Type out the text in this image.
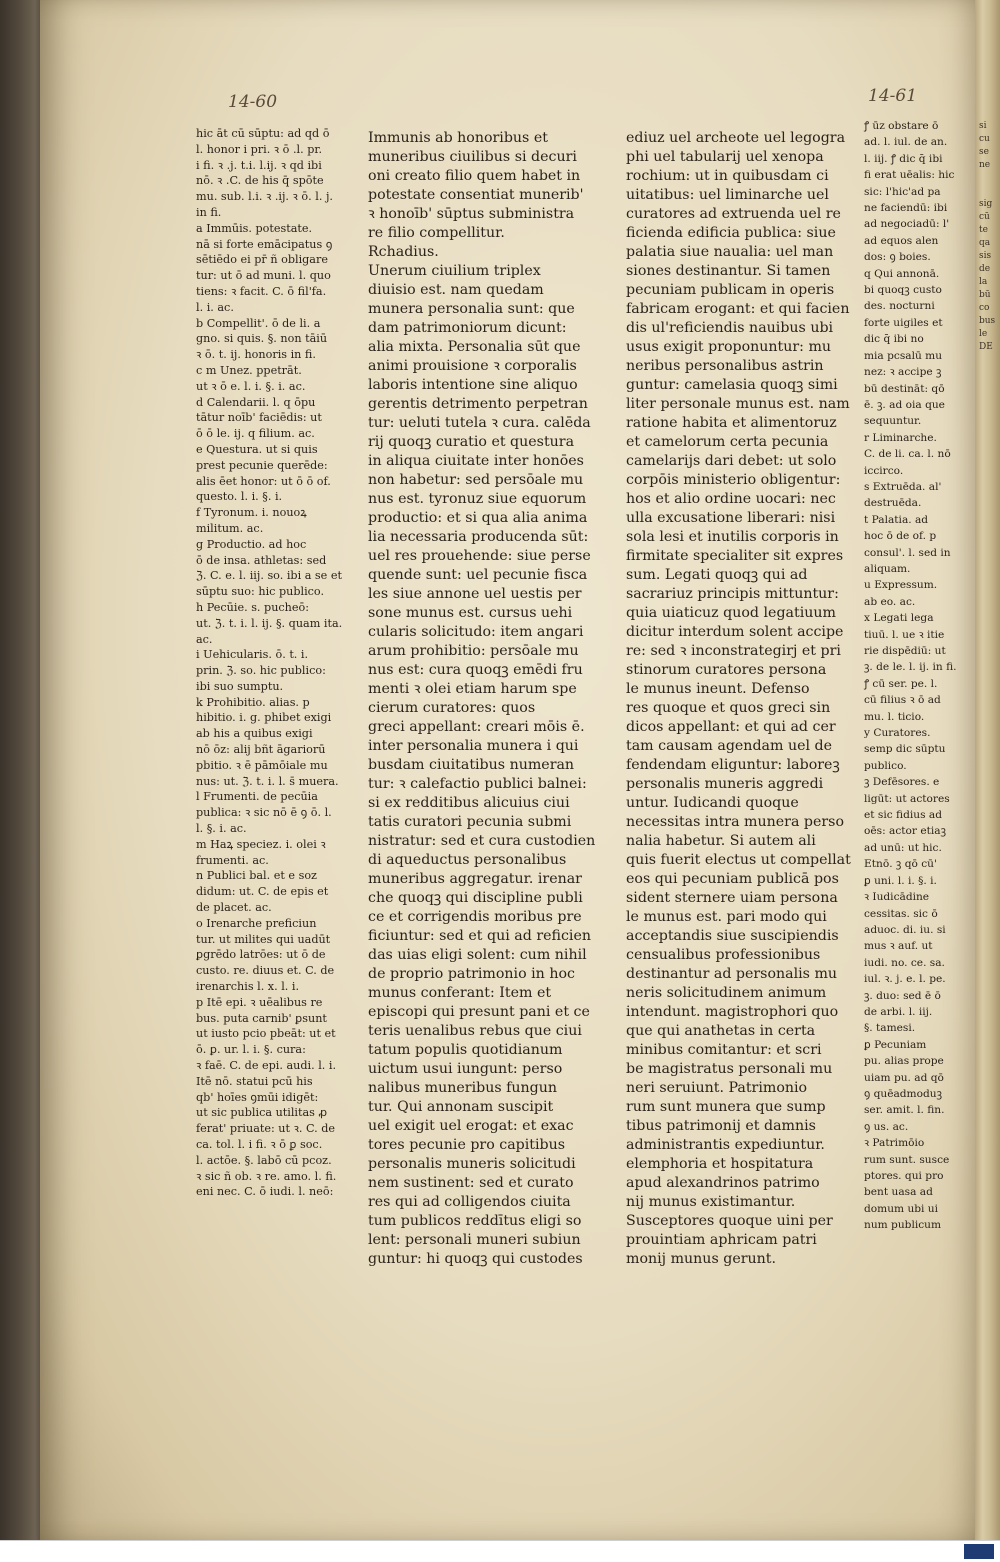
14-60	14-61
hic āt cū sūptu: ad qd ō
l. honor i pri. ꝛ ō .l. pr.
i fi. ꝛ .j. t.i. l.ij. ꝛ qd ibi
nō. ꝛ .C. de his q̄ spōte
mu. sub. l.i. ꝛ .ij. ꝛ ō. l. j.
in fi.
a Immūis. potestate.
nā si forte emācipatus ꝯ
sētiēdo ei pr̄ ñ obligare
tur: ut ō ad muni. l. quo
tiens: ꝛ facit. C. ō fil'fa.
l. i. ac.
b Compellit'. ō de li. a
gno. si quis. §. non tāiū
ꝛ ō. t. ij. honoris in fi.
c m Unez. ppetrāt.
ut ꝛ ō e. l. i. §. i. ac.
d Calendarii. l. q ōpu
tātur noīb' faciēdis: ut
ō ō le. ij. q filium. ac.
e Questura. ut si quis
prest pecunie querēde:
alis ēet honor: ut ō ō of.
questo. l. i. §. i.
f Tyronum. i. nouoꝝ
militum. ac.
g Productio. ad hoc
ō de insa. athletas: sed
ℨ. C. e. l. iij. so. ibi a se et
sūptu suo: hic publico.
h Pecūie. s. pucheō:
ut. ℨ. t. i. l. ij. §. quam ita.
ac.
i Uehicularis. ō. t. i.
prin. ℨ. so. hic publico:
ibi suo sumptu.
k Prohibitio. alias. p
hibitio. i. g. phibet exigi
ab his a quibus exigi
nō ōz: alij bñt āgariorū
pbitio. ꝛ ē pāmōiale mu
nus: ut. ℨ. t. i. l. s̄ muera.
l Frumenti. de pecūia
publica: ꝛ sic nō ē ꝯ ō. l.
l. §. i. ac.
m Haꝝ speciez. i. olei ꝛ
frumenti. ac.
n Publici bal. et e soz
didum: ut. C. de epis et
de placet. ac.
o Irenarche preficiun
tur. ut milites qui uadūt
ꝑgrēdo latrōes: ut ō de
custo. re. diuus et. C. de
irenarchis l. x. l. i.
p Itē epi. ꝛ uēalibus re
bus. puta carnib' ꝑsunt
ut iusto pcio pbeāt: ut et
ō. ꝑ. ur. l. i. §. cura:
ꝛ faē. C. de epi. audi. l. i.
Itē nō. statui pcū his
qb' hoīes ꝯmūi idigēt:
ut sic publica utilitas ꝓ
ferat' priuate: ut ꝛ. C. de
ca. tol. l. i fi. ꝛ ō ꝑ soc.
l. actōe. §. labō cū pcoz.
ꝛ sic ñ ob. ꝛ re. amo. l. fi.
eni nec. C. ō iudi. l. neō:
Immunis ab honoribus et
muneribus ciuilibus si decuri
oni creato filio quem habet in
potestate consentiat munerib'
ꝛ honoīb' sūptus subministra
re filio compellitur.
Rchadius.
Unerum ciuilium triplex
diuisio est. nam quedam
munera personalia sunt: que
dam patrimoniorum dicunt:
alia mixta. Personalia sūt que
animi prouisione ꝛ corporalis
laboris intentione sine aliquo
gerentis detrimento perpetran
tur: ueluti tutela ꝛ cura. calēda
rij quoqꝫ curatio et questura
in aliqua ciuitate inter honōes
non habetur: sed persōale mu
nus est. tyronuz siue equorum
productio: et si qua alia anima
lia necessaria producenda sūt:
uel res prouehende: siue perse
quende sunt: uel pecunie fisca
les siue annone uel uestis per
sone munus est. cursus uehi
cularis solicitudo: item angari
arum prohibitio: persōale mu
nus est: cura quoqꝫ emēdi fru
menti ꝛ olei etiam harum spe
cierum curatores: quos
greci appellant: creari mōis ē.
inter personalia munera i qui
busdam ciuitatibus numeran
tur: ꝛ calefactio publici balnei:
si ex redditibus alicuius ciui
tatis curatori pecunia submi
nistratur: sed et cura custodien
di aqueductus personalibus
muneribus aggregatur. irenar
che quoqꝫ qui discipline publi
ce et corrigendis moribus pre
ficiuntur: sed et qui ad reficien
das uias eligi solent: cum nihil
de proprio patrimonio in hoc
munus conferant: Item et
episcopi qui presunt pani et ce
teris uenalibus rebus que ciui
tatum populis quotidianum
uictum usui iungunt: perso
nalibus muneribus fungun
tur. Qui annonam suscipit
uel exigit uel erogat: et exac
tores pecunie pro capitibus
personalis muneris solicitudi
nem sustinent: sed et curato
res qui ad colligendos ciuita
tum publicos reddītus eligi so
lent: personali muneri subiun
guntur: hi quoqꝫ qui custodes
ediuz uel archeote uel legogra
phi uel tabularij uel xenopa
rochium: ut in quibusdam ci
uitatibus: uel liminarche uel
curatores ad extruenda uel re
ficienda edificia publica: siue
palatia siue naualia: uel man
siones destinantur. Si tamen
pecuniam publicam in operis
fabricam erogant: et qui facien
dis ul'reficiendis nauibus ubi
usus exigit proponuntur: mu
neribus personalibus astrin
guntur: camelasia quoqꝫ simi
liter personale munus est. nam
ratione habita et alimentoruz
et camelorum certa pecunia
camelarijs dari debet: ut solo
corpōis ministerio obligentur:
hos et alio ordine uocari: nec
ulla excusatione liberari: nisi
sola lesi et inutilis corporis in
firmitate specialiter sit expres
sum. Legati quoqꝫ qui ad
sacrariuz principis mittuntur:
quia uiaticuz quod legatiuum
dicitur interdum solent accipe
re: sed ꝛ inconstrategirj et pri
stinorum curatores persona
le munus ineunt. Defenso
res quoque et quos greci sin
dicos appellant: et qui ad cer
tam causam agendam uel de
fendendam eliguntur: laboreꝫ
personalis muneris aggredi
untur. Iudicandi quoque
necessitas intra munera perso
nalia habetur. Si autem ali
quis fuerit electus ut compellat
eos qui pecuniam publicā pos
sident sternere uiam persona
le munus est. pari modo qui
acceptandis siue suscipiendis
censualibus professionibus
destinantur ad personalis mu
neris solicitudinem animum
intendunt. magistrophori quo
que qui anathetas in certa
minibus comitantur: et scri
be magistratus personali mu
neri seruiunt. Patrimonio
rum sunt munera que sump
tibus patrimonij et damnis
administrantis expediuntur.
elemphoria et hospitatura
apud alexandrinos patrimo
nij munus existimantur.
Susceptores quoque uini per
prouintiam aphricam patri
monij munus gerunt.
ꝭ ūz obstare ō
ad. l. iul. de an.
l. iij. ꝭ dic q̄ ibi
fi erat uēalis: hic
sic: l'hic'ad pa
ne faciendū: ibi
ad negociadū: l'
ad equos alen
dos: ꝯ boies.
q Qui annonā.
bi quoqꝫ custo
des. nocturni
forte uigiles et
dic q̄ ibi no
mia pcsalū mu
nez: ꝛ accipe ꝫ
bū destināt: qō
ē. ꝫ. ad oia que
sequuntur.
r Liminarche.
C. de li. ca. l. nō
iccirco.
s Extruēda. al'
destruēda.
t Palatia. ad
hoc ō de of. p
consul'. l. sed in
aliquam.
u Expressum.
ab eo. ac.
x Legati lega
tiuū. l. ue ꝛ itie
rie dispēdiū: ut
ꝫ. de le. l. ij. in fi.
ꝭ cū ser. pe. l.
cū filius ꝛ ō ad
mu. l. ticio.
y Curatores.
semp dic sūptu
publico.
ꝫ Defēsores. e
ligūt: ut actores
et sic fidius ad
oēs: actor etiaꝫ
ad unū: ut hic.
Etnō. ꝫ qō cū'
ꝑ uni. l. i. §. i.
ꝛ Iudicādine
cessitas. sic ō
aduoc. di. iu. si
mus ꝛ auf. ut
iudi. no. ce. sa.
iul. ꝛ. j. e. l. pe.
ꝫ. duo: sed ē ō
de arbi. l. iij.
§. tamesi.
ꝑ Pecuniam
pu. alias prope
uiam pu. ad qō
ꝯ quēadmoduꝫ
ser. amit. l. fin.
ꝯ us. ac.
ꝛ Patrimōio
rum sunt. susce
ptores. qui pro
bent uasa ad
domum ubi ui
num publicum
si
cu
se
ne

sig
cū
te
qa
sis
de
la
bū
co
bus
le
DE
